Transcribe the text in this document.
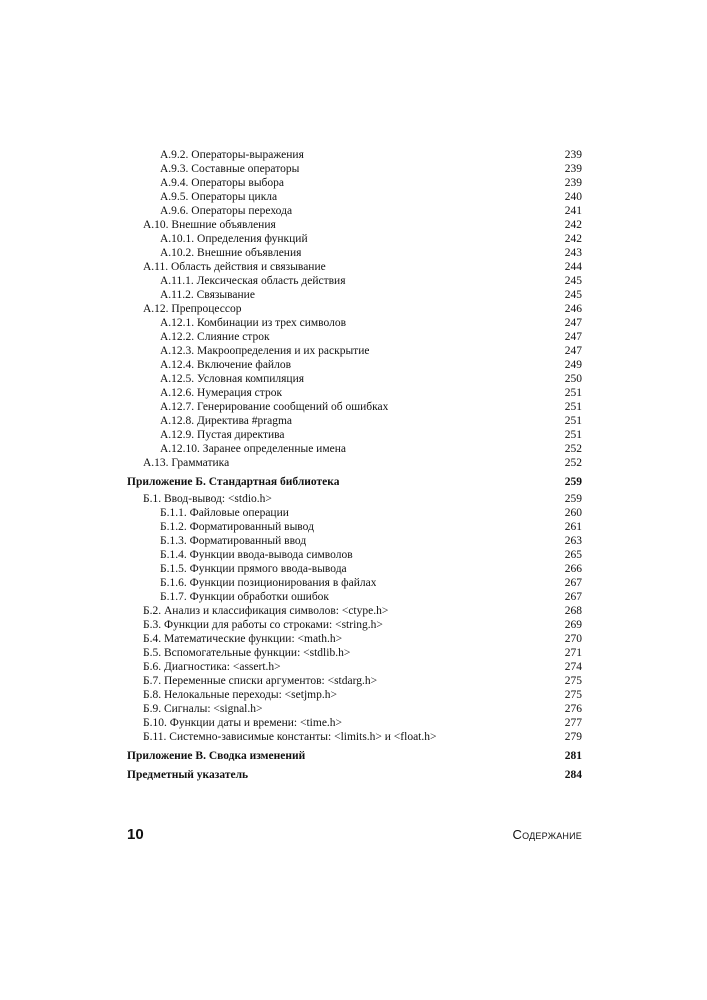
A.9.2. Операторы-выражения	239
A.9.3. Составные операторы	239
A.9.4. Операторы выбора	239
A.9.5. Операторы цикла	240
A.9.6. Операторы перехода	241
A.10. Внешние объявления	242
A.10.1. Определения функций	242
A.10.2. Внешние объявления	243
A.11. Область действия и связывание	244
A.11.1. Лексическая область действия	245
A.11.2. Связывание	245
A.12. Препроцессор	246
A.12.1. Комбинации из трех символов	247
A.12.2. Слияние строк	247
A.12.3. Макроопределения и их раскрытие	247
A.12.4. Включение файлов	249
A.12.5. Условная компиляция	250
A.12.6. Нумерация строк	251
A.12.7. Генерирование сообщений об ошибках	251
A.12.8. Директива #pragma	251
A.12.9. Пустая директива	251
A.12.10. Заранее определенные имена	252
A.13. Грамматика	252
Приложение Б. Стандартная библиотека	259
Б.1. Ввод-вывод: <stdio.h>	259
Б.1.1. Файловые операции	260
Б.1.2. Форматированный вывод	261
Б.1.3. Форматированный ввод	263
Б.1.4. Функции ввода-вывода символов	265
Б.1.5. Функции прямого ввода-вывода	266
Б.1.6. Функции позиционирования в файлах	267
Б.1.7. Функции обработки ошибок	267
Б.2. Анализ и классификация символов: <ctype.h>	268
Б.3. Функции для работы со строками: <string.h>	269
Б.4. Математические функции: <math.h>	270
Б.5. Вспомогательные функции: <stdlib.h>	271
Б.6. Диагностика: <assert.h>	274
Б.7. Переменные списки аргументов: <stdarg.h>	275
Б.8. Нелокальные переходы: <setjmp.h>	275
Б.9. Сигналы: <signal.h>	276
Б.10. Функции даты и времени: <time.h>	277
Б.11. Системно-зависимые константы: <limits.h> и <float.h>	279
Приложение В. Сводка изменений	281
Предметный указатель	284
10	Содержание
